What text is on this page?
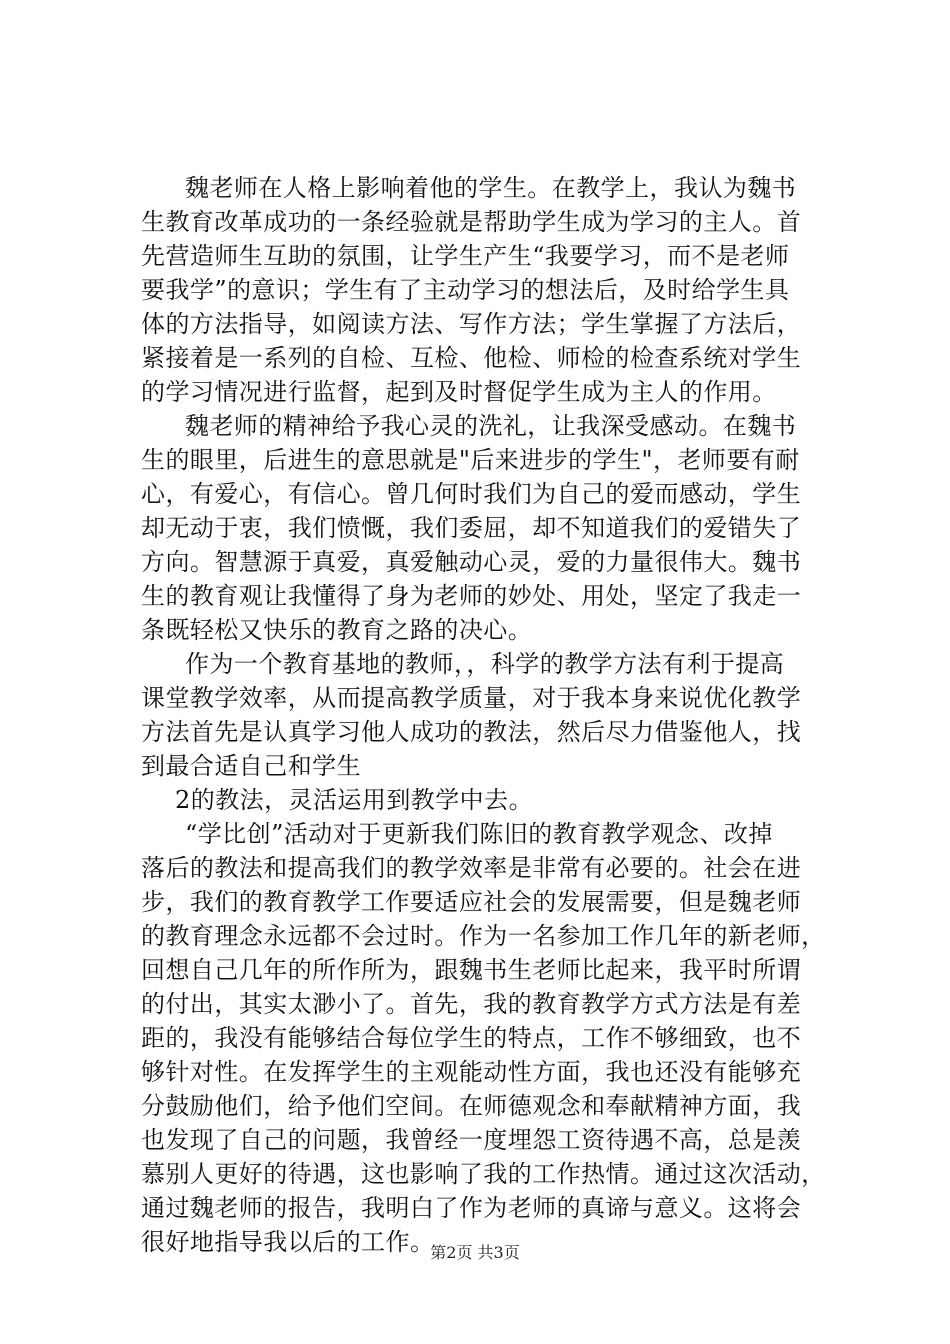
魏老师在人格上影响着他的学生。在教学上，我认为魏书
生教育改革成功的一条经验就是帮助学生成为学习的主人。首
先营造师生互助的氛围，让学生产生“我要学习，而不是老师
要我学”的意识；学生有了主动学习的想法后，及时给学生具
体的方法指导，如阅读方法、写作方法；学生掌握了方法后，
紧接着是一系列的自检、互检、他检、师检的检查系统对学生
的学习情况进行监督，起到及时督促学生成为主人的作用。
魏老师的精神给予我心灵的洗礼，让我深受感动。在魏书
生的眼里，后进生的意思就是"后来进步的学生"，老师要有耐
心，有爱心，有信心。曾几何时我们为自己的爱而感动，学生
却无动于衷，我们愤慨，我们委屈，却不知道我们的爱错失了
方向。智慧源于真爱，真爱触动心灵，爱的力量很伟大。魏书
生的教育观让我懂得了身为老师的妙处、用处，坚定了我走一
条既轻松又快乐的教育之路的决心。
作为一个教育基地的教师，，科学的教学方法有利于提高
课堂教学效率，从而提高教学质量，对于我本身来说优化教学
方法首先是认真学习他人成功的教法，然后尽力借鉴他人，找
到最合适自己和学生
2的教法，灵活运用到教学中去。
“学比创”活动对于更新我们陈旧的教育教学观念、改掉
落后的教法和提高我们的教学效率是非常有必要的。社会在进
步，我们的教育教学工作要适应社会的发展需要，但是魏老师
的教育理念永远都不会过时。作为一名参加工作几年的新老师，
回想自己几年的所作所为，跟魏书生老师比起来，我平时所谓
的付出，其实太渺小了。首先，我的教育教学方式方法是有差
距的，我没有能够结合每位学生的特点，工作不够细致，也不
够针对性。在发挥学生的主观能动性方面，我也还没有能够充
分鼓励他们，给予他们空间。在师德观念和奉献精神方面，我
也发现了自己的问题，我曾经一度埋怨工资待遇不高，总是羡
慕别人更好的待遇，这也影响了我的工作热情。通过这次活动，
通过魏老师的报告，我明白了作为老师的真谛与意义。这将会
很好地指导我以后的工作。
第2页 共3页
